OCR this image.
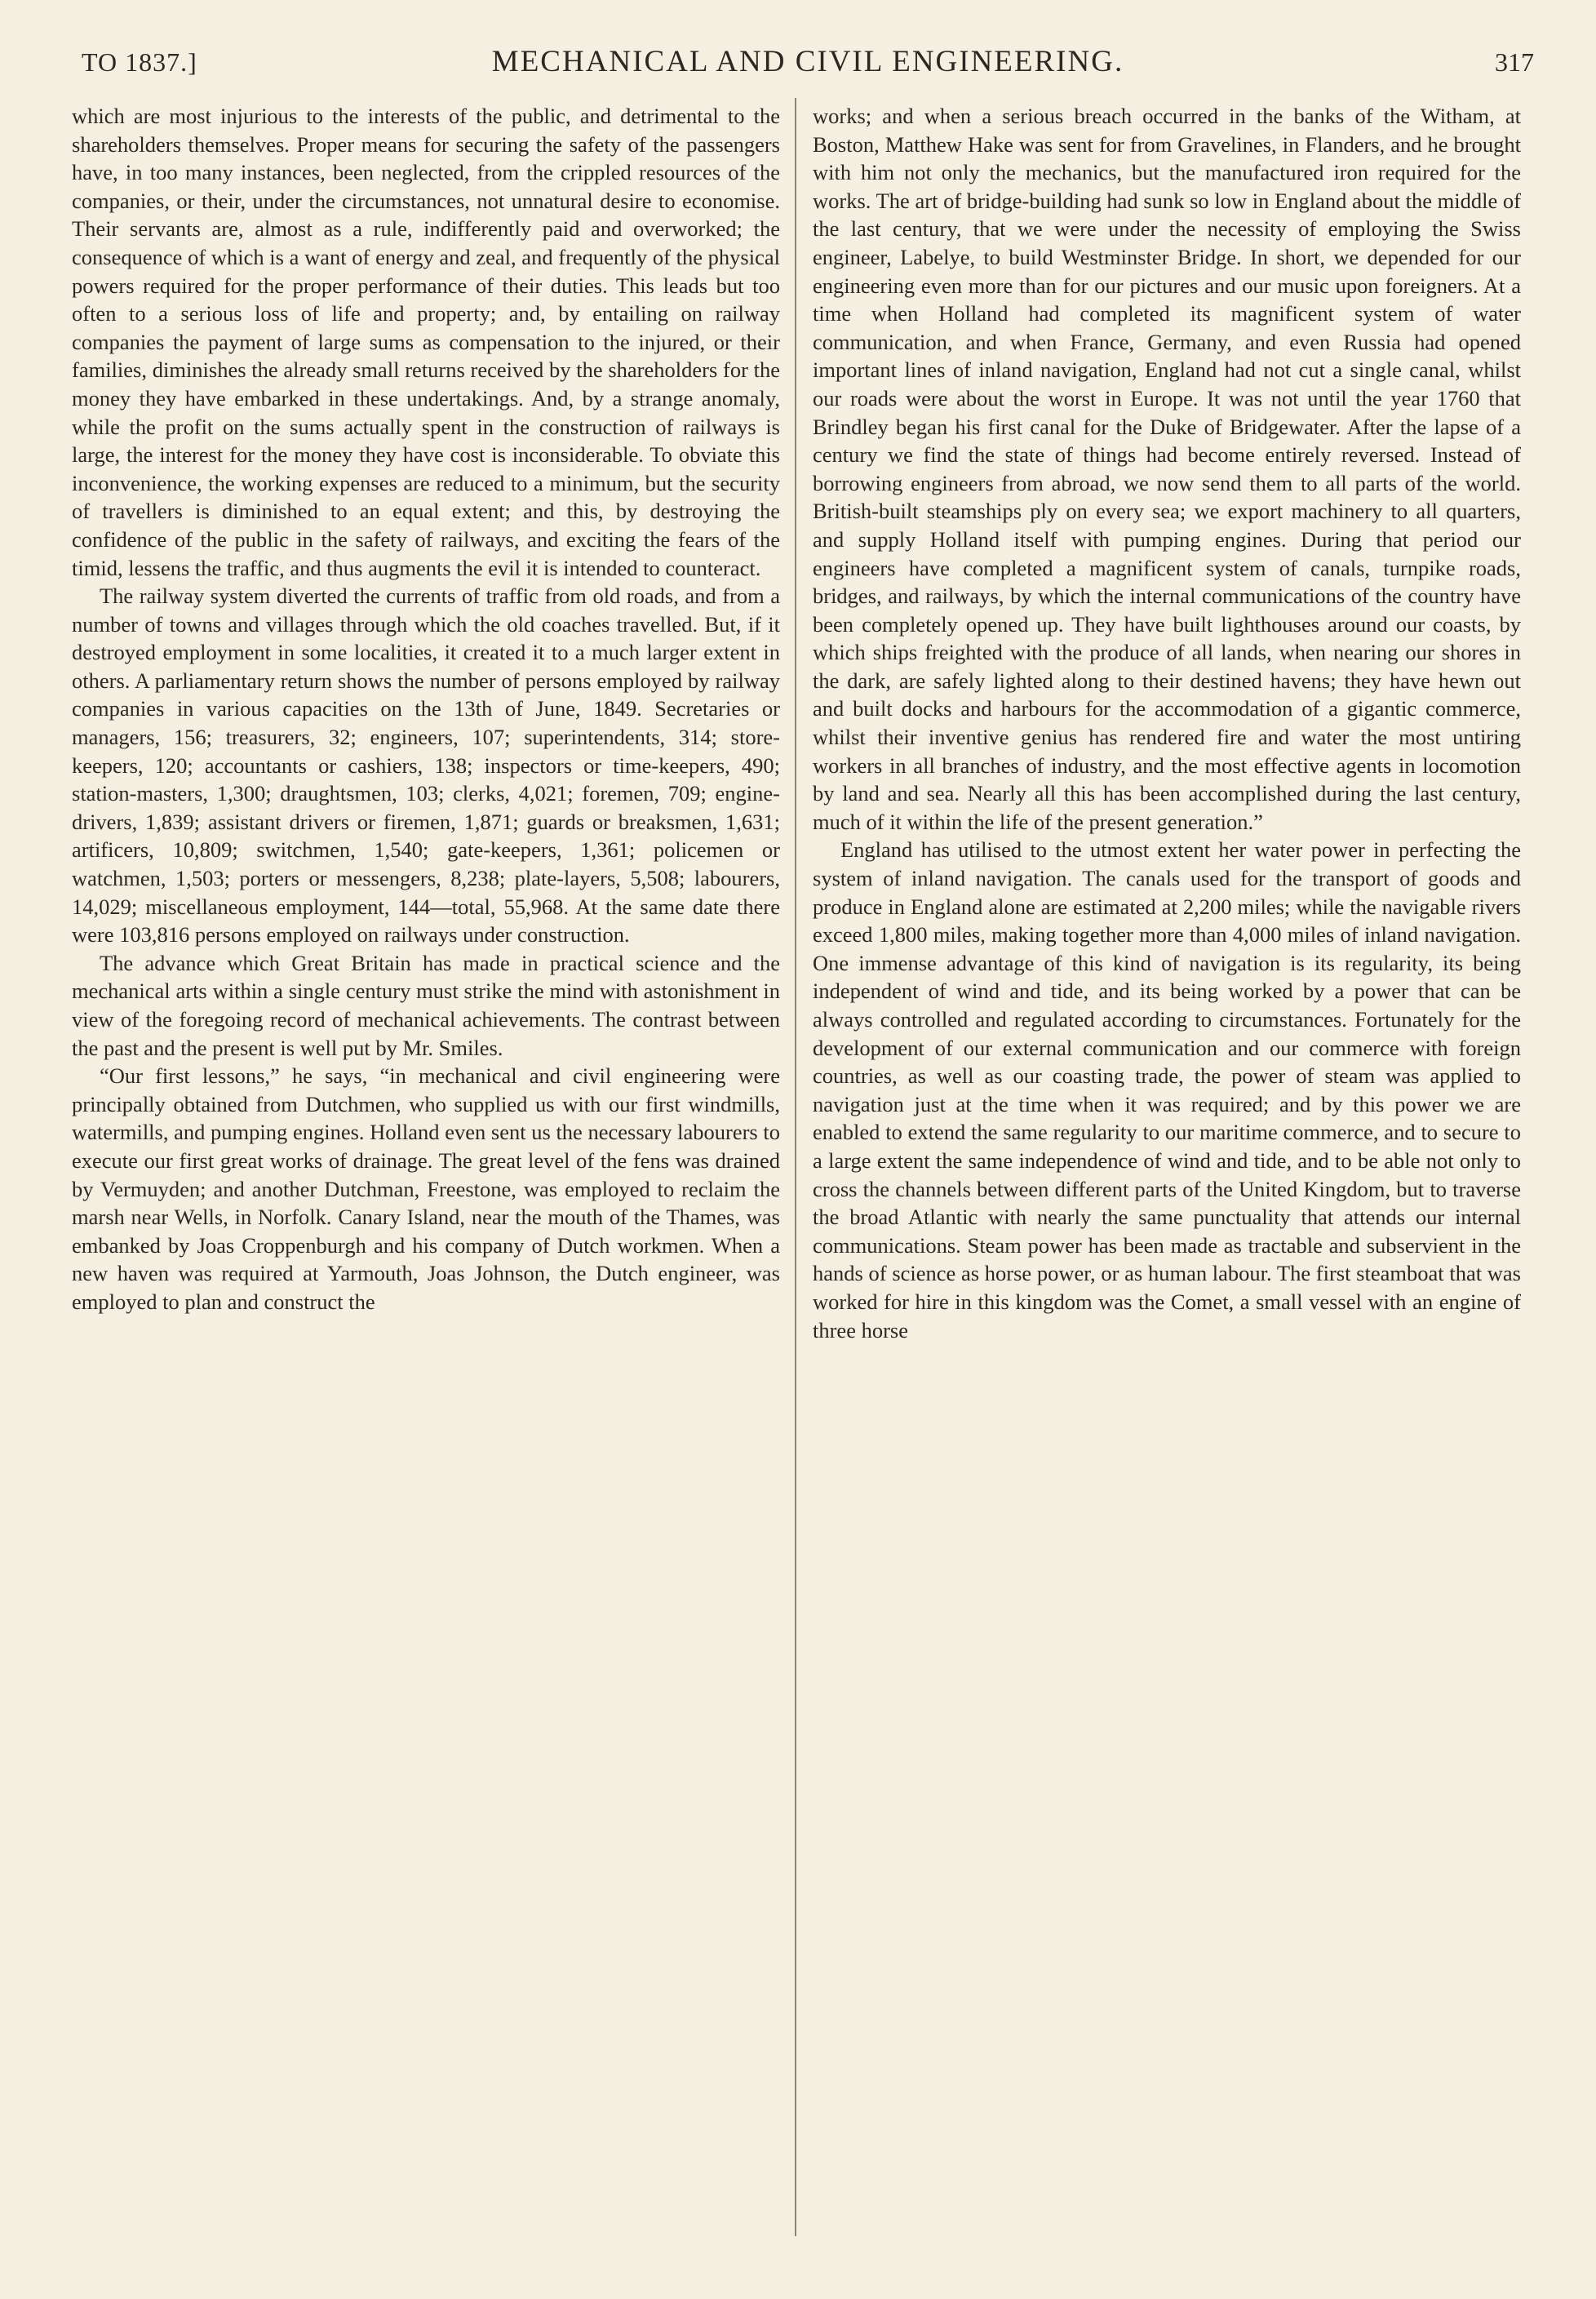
TO 1837.]	MECHANICAL AND CIVIL ENGINEERING.	317

which are most injurious to the interests of the public, and detrimental to the shareholders themselves. Proper means for securing the safety of the passengers have, in too many instances, been neglected, from the crippled resources of the companies, or their, under the circumstances, not unnatural desire to economise. Their servants are, almost as a rule, indifferently paid and overworked; the consequence of which is a want of energy and zeal, and frequently of the physical powers required for the proper performance of their duties. This leads but too often to a serious loss of life and property; and, by entailing on railway companies the payment of large sums as compensation to the injured, or their families, diminishes the already small returns received by the shareholders for the money they have embarked in these undertakings. And, by a strange anomaly, while the profit on the sums actually spent in the construction of railways is large, the interest for the money they have cost is inconsiderable. To obviate this inconvenience, the working expenses are reduced to a minimum, but the security of travellers is diminished to an equal extent; and this, by destroying the confidence of the public in the safety of railways, and exciting the fears of the timid, lessens the traffic, and thus augments the evil it is intended to counteract.

The railway system diverted the currents of traffic from old roads, and from a number of towns and villages through which the old coaches travelled. But, if it destroyed employment in some localities, it created it to a much larger extent in others. A parliamentary return shows the number of persons employed by railway companies in various capacities on the 13th of June, 1849. Secretaries or managers, 156; treasurers, 32; engineers, 107; superintendents, 314; store-keepers, 120; accountants or cashiers, 138; inspectors or time-keepers, 490; station-masters, 1,300; draughtsmen, 103; clerks, 4,021; foremen, 709; engine-drivers, 1,839; assistant drivers or firemen, 1,871; guards or breaksmen, 1,631; artificers, 10,809; switchmen, 1,540; gate-keepers, 1,361; policemen or watchmen, 1,503; porters or messengers, 8,238; plate-layers, 5,508; labourers, 14,029; miscellaneous employment, 144—total, 55,968. At the same date there were 103,816 persons employed on railways under construction.

The advance which Great Britain has made in practical science and the mechanical arts within a single century must strike the mind with astonishment in view of the foregoing record of mechanical achievements. The contrast between the past and the present is well put by Mr. Smiles.

“Our first lessons,” he says, “in mechanical and civil engineering were principally obtained from Dutchmen, who supplied us with our first windmills, watermills, and pumping engines. Holland even sent us the necessary labourers to execute our first great works of drainage. The great level of the fens was drained by Vermuyden; and another Dutchman, Freestone, was employed to reclaim the marsh near Wells, in Norfolk. Canary Island, near the mouth of the Thames, was embanked by Joas Croppenburgh and his company of Dutch workmen. When a new haven was required at Yarmouth, Joas Johnson, the Dutch engineer, was employed to plan and construct the

works; and when a serious breach occurred in the banks of the Witham, at Boston, Matthew Hake was sent for from Gravelines, in Flanders, and he brought with him not only the mechanics, but the manufactured iron required for the works. The art of bridge-building had sunk so low in England about the middle of the last century, that we were under the necessity of employing the Swiss engineer, Labelye, to build Westminster Bridge. In short, we depended for our engineering even more than for our pictures and our music upon foreigners. At a time when Holland had completed its magnificent system of water communication, and when France, Germany, and even Russia had opened important lines of inland navigation, England had not cut a single canal, whilst our roads were about the worst in Europe. It was not until the year 1760 that Brindley began his first canal for the Duke of Bridgewater. After the lapse of a century we find the state of things had become entirely reversed. Instead of borrowing engineers from abroad, we now send them to all parts of the world. British-built steamships ply on every sea; we export machinery to all quarters, and supply Holland itself with pumping engines. During that period our engineers have completed a magnificent system of canals, turnpike roads, bridges, and railways, by which the internal communications of the country have been completely opened up. They have built lighthouses around our coasts, by which ships freighted with the produce of all lands, when nearing our shores in the dark, are safely lighted along to their destined havens; they have hewn out and built docks and harbours for the accommodation of a gigantic commerce, whilst their inventive genius has rendered fire and water the most untiring workers in all branches of industry, and the most effective agents in locomotion by land and sea. Nearly all this has been accomplished during the last century, much of it within the life of the present generation.”

England has utilised to the utmost extent her water power in perfecting the system of inland navigation. The canals used for the transport of goods and produce in England alone are estimated at 2,200 miles; while the navigable rivers exceed 1,800 miles, making together more than 4,000 miles of inland navigation. One immense advantage of this kind of navigation is its regularity, its being independent of wind and tide, and its being worked by a power that can be always controlled and regulated according to circumstances. Fortunately for the development of our external communication and our commerce with foreign countries, as well as our coasting trade, the power of steam was applied to navigation just at the time when it was required; and by this power we are enabled to extend the same regularity to our maritime commerce, and to secure to a large extent the same independence of wind and tide, and to be able not only to cross the channels between different parts of the United Kingdom, but to traverse the broad Atlantic with nearly the same punctuality that attends our internal communications. Steam power has been made as tractable and subservient in the hands of science as horse power, or as human labour. The first steamboat that was worked for hire in this kingdom was the Comet, a small vessel with an engine of three horse
